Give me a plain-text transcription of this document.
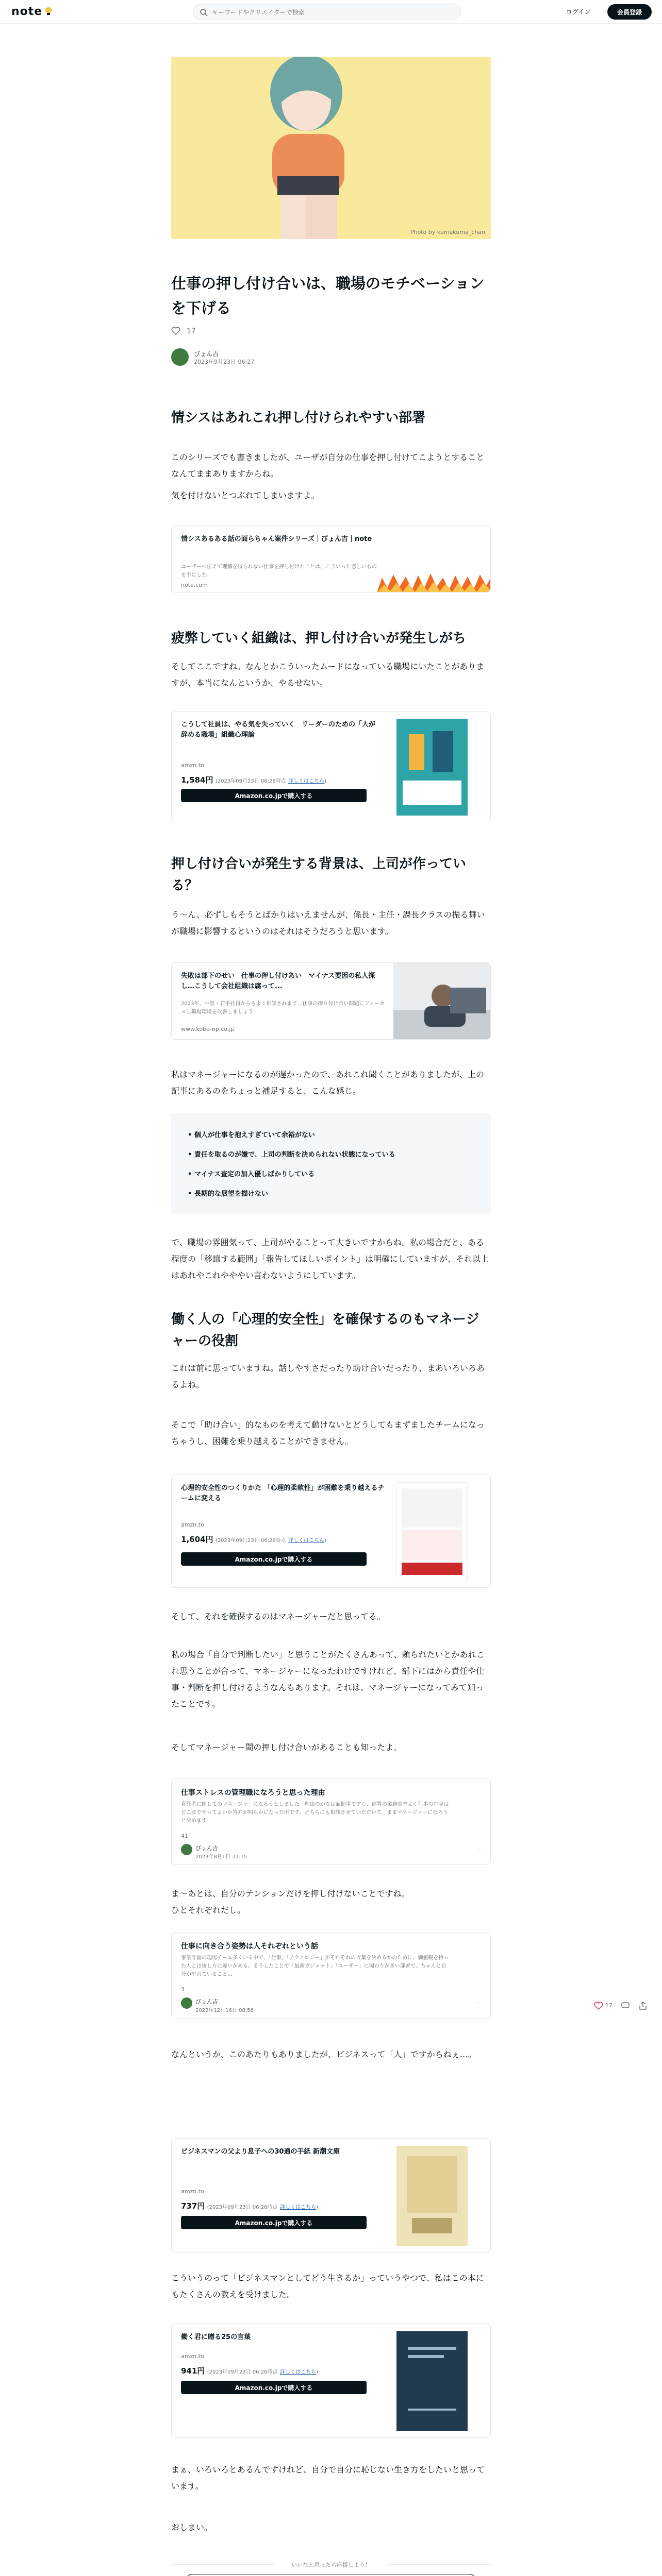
note
キーワードやクリエイターで検索	ログイン	会員登録
Photo by kumakuma_chan
仕事の押し付け合いは、職場のモチベーションを下げる
17
びょん吉
2023年9月23日 06:27
情シスはあれこれ押し付けられやすい部署

このシリーズでも書きましたが、ユーザが自分の仕事を押し付けてこようとすることなんてままありますからね。

気を付けないとつぶれてしまいますよ。

情シスあるある話の面らちゃん案件シリーズ｜びょん吉｜note
ユーザーへ伝えて理解を得られない仕事を押し付けたことは、こういった悲しいものを手にした。
note.com
疲弊していく組織は、押し付け合いが発生しがち

そしてここですね。なんとかこういったムードになっている職場にいたことがありますが、本当になんというか、やるせない。

こうして社員は、やる気を失っていく　リーダーのための「人が辞める職場」組織心理論
amzn.to
1,584円 (2023年09月23日 06:26時点 詳しくはこちら)
Amazon.co.jpで購入する
押し付け合いが発生する背景は、上司が作っている？

う〜ん、必ずしもそうとばかりはいえませんが、係長・主任・課長クラスの振る舞いが職場に影響するというのはそれはそうだろうと思います。

失敗は部下のせい　仕事の押し付けあい　マイナス要因の私人探し…こうして会社組織は腐って...
2023年、中堅・若手社員からもよく相談されます…仕事の擦り付け合い問題にフォーカスし職場環境を改善しましょう
www.kobe-np.co.jp

私はマネージャーになるのが遅かったので、あれこれ聞くことがありましたが、上の記事にあるのをちょっと補足すると、こんな感じ。

• 個人が仕事を抱えすぎていて余裕がない
• 責任を取るのが嫌で、上司の判断を決められない状態になっている
• マイナス査定の加入優しばかりしている
• 長期的な展望を描けない

で、職場の雰囲気って、上司がやることって大きいですからね。私の場合だと、ある程度の「移譲する範囲」「報告してほしいポイント」は明確にしていますが、それ以上はあれやこれやややい言わないようにしています。

働く人の「心理的安全性」を確保するのもマネージャーの役割

これは前に思っていますね。話しやすさだったり助け合いだったり、まあいろいろあるよね。

そこで「助け合い」的なものを考えて動けないとどうしてもまずましたチームになっちゃうし、困難を乗り越えることができません。

心理的安全性のつくりかた 「心理的柔軟性」が困難を乗り越えるチームに変える
amzn.to
1,604円 (2023年09月23日 06:26時点 詳しくはこちら)
Amazon.co.jpで購入する

そして、それを確保するのはマネージャーだと思ってる。

私の場合「自分で判断したい」と思うことがたくさんあって、頼られたいとかあれこれ思うことが合って、マネージャーになったわけですけれど、部下にはから責任や仕事・判断を押し付けるようなんもあります。それは、マネージャーになってみて知ったことです。

そしてマネージャー間の押し付け合いがあることも知ったよ。

仕事ストレスの管理職になろうと思った理由
責任者に関してのマネージャーになろうとしました。理由のかなは面倒事ですし、部署の業務効率よく仕事の中身はどこまでやってよいか答弁が明らかになった所です。どちらにも相談させていただいて、ままマネージャーになろうと決めます
41
びょん吉
2023年8月1日 21:15
···

ま〜あとは、自分のテンションだけを押し付けないことですね。

ひとそれぞれだし。

仕事に向き合う姿勢は人それぞれという話
事業計画の現場チーム多くいる中で、「仕事」「テクノロジー」がそれぞれの言葉を決めるかのために、価値観を持った人とは接し方に違いがある。そうしたことで「最新ガジェット」「ユーザー」に関わりが多い部署で、ちゃんと自分がやれていること…
3
びょん吉
2022年12月16日 08:56
···

なんというか、このあたりもありましたが、ビジネスって「人」ですからねぇ…。

ビジネスマンの父より息子への30通の手紙 新潮文庫
amzn.to
737円 (2023年09月23日 06:26時点 詳しくはこちら)
Amazon.co.jpで購入する

こういうのって「ビジネスマンとしてどう生きるか」っていうやつで、私はこの本にもたくさんの教えを受けました。

働く君に贈る25の言葉
amzn.to
941円 (2023年09月23日 06:26時点 詳しくはこちら)
Amazon.co.jpで購入する

まぁ、いろいろとあるんですけれど、自分で自分に恥じない生き方をしたいと思っています。

おしまい。

いいなと思ったら応援しよう！
17
